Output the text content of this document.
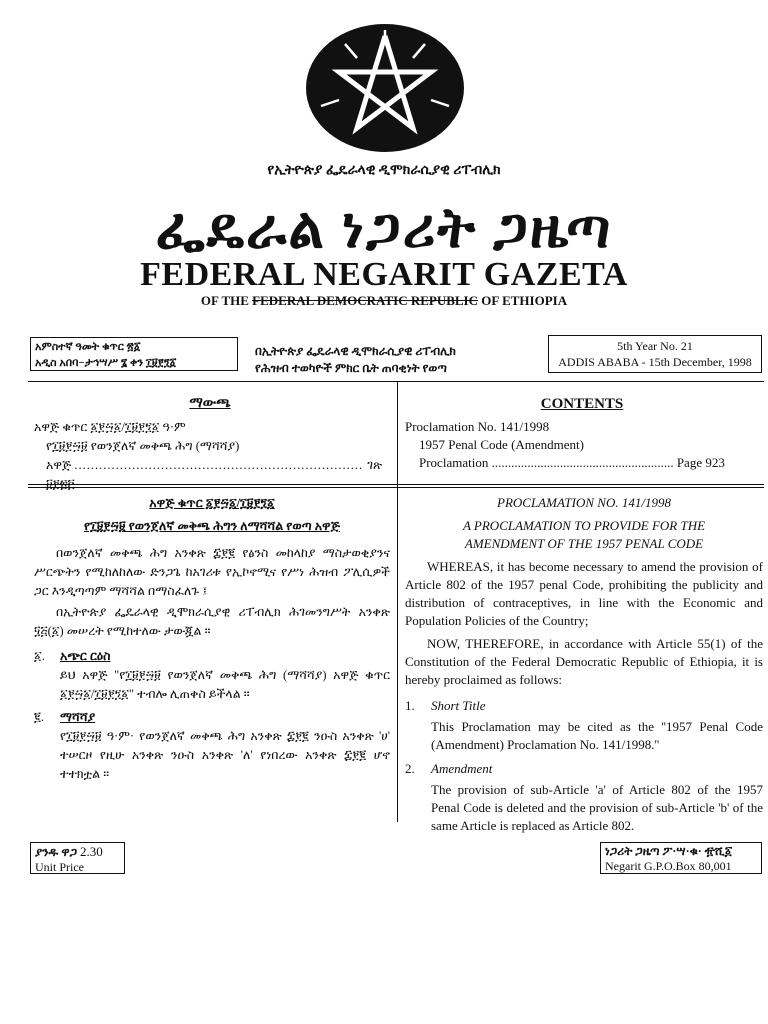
የኢትዮጵያ ፌዴራላዊ ዲሞክራሲያዊ ሪፐብሊክ
ፌዴራል ነጋሪት ጋዜጣ
FEDERAL NEGARIT GAZETA
OF THE FEDERAL DEMOCRATIC REPUBLIC OF ETHIOPIA
አምስተኛ ዓመት ቁጥር ፳፩
አዲስ አበባ−ታኅሣሥ ፮ ቀን ፲፱፻፺፩
በኢትዮጵያ ፌዴራላዊ ዲሞክራሲያዊ ሪፐብሊክ
የሕዝብ ተወካዮች ምክር ቤት ጠባቂነት የወጣ
5th Year No. 21
ADDIS ABABA - 15th December, 1998
ማውጫ	CONTENTS
አዋጅ ቁጥር ፩፻፵፩/፲፱፻፺፩ ዓ·ም
የ፲፱፻፵፱ የወንጀለኛ መቅጫ ሕግ (ማሻሻያ)
አዋጅ ...................................................................... ገጽ ፱፻፳፫
Proclamation No. 141/1998
1957 Penal Code (Amendment)
Proclamation ........................................................ Page 923
አዋጅ ቁጥር ፩፻፵፩/፲፱፻፺፩
የ፲፱፻፵፱ የወንጀለኛ መቅጫ ሕግን ለማሻሻል የወጣ አዋጅ
በወንጀለኛ መቅጫ ሕግ አንቀጽ ፰፻፪ የፅንስ መከላከያ ማስታወቂያንና ሥርጭትን የሚከለከለው ድንጋጌ ከአገሪቱ የኢኮኖሚና የሥነ ሕዝብ ፖሊሲዎች ጋር እንዲጣጣም ማሻሻል በማስፈለጉ ፤
በኢትዮጵያ ፌዴራላዊ ዲሞክራሲያዊ ሪፐብሊክ ሕገመንግሥት አንቀጽ ፶፭(፩) መሠረት የሚከተለው ታውጇል ።
፩. አጭር ርዕስ
ይህ አዋጅ "የ፲፱፻፵፱ የወንጀለኛ መቅጫ ሕግ (ማሻሻያ) አዋጅ ቁጥር ፩፻፵፩/፲፱፻፺፩" ተብሎ ሊጠቀስ ይችላል ።
፪. ማሻሻያ
የ፲፱፻፵፱ ዓ·ም· የወንጀለኛ መቅጫ ሕግ አንቀጽ ፰፻፪ ንዑስ አንቀጽ 'ሀ' ተሠርዞ የዚሁ አንቀጽ ንዑስ አንቀጽ 'ለ' የነበረው አንቀጽ ፰፻፪ ሆኖ ተተክቷል ።
PROCLAMATION NO. 141/1998
A PROCLAMATION TO PROVIDE FOR THE AMENDMENT OF THE 1957 PENAL CODE
WHEREAS, it has become necessary to amend the provision of Article 802 of the 1957 penal Code, prohibiting the publicity and distribution of contraceptives, in line with the Economic and Population Policies of the Country;
NOW, THEREFORE, in accordance with Article 55(1) of the Constitution of the Federal Democratic Republic of Ethiopia, it is hereby proclaimed as follows:
1. Short Title
This Proclamation may be cited as the ''1957 Penal Code (Amendment) Proclamation No. 141/1998.''
2. Amendment
The provision of sub-Article 'a' of Article 802 of the 1957 Penal Code is deleted and the provision of sub-Article 'b' of the same Article is replaced as Article 802.
ያንዱ ዋጋ 2.30
Unit Price
ነጋሪት ጋዜጣ ፖ·ሣ·ቁ· ፹ሺ፩
Negarit G.P.O.Box 80,001
